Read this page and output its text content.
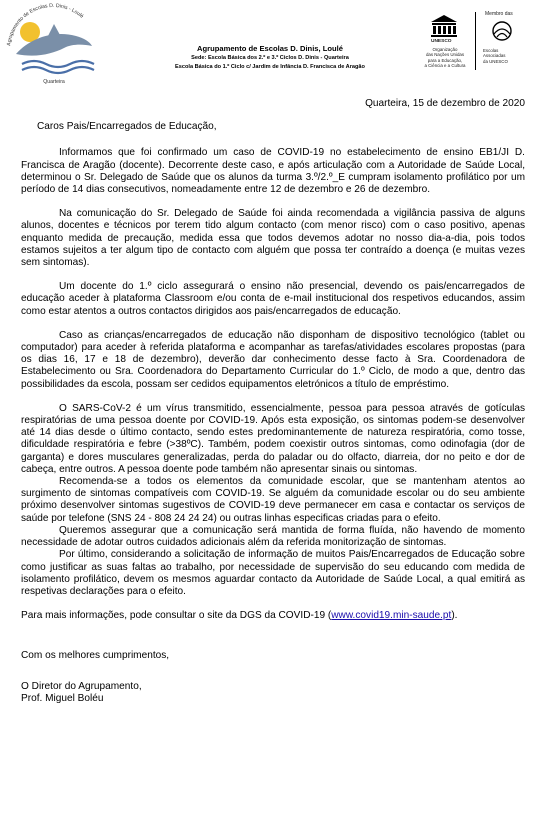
Agrupamento de Escolas D. Dinis - Loulé
Quarteira
Agrupamento de Escolas D. Dinis, Loulé
Sede: Escola Básica dos 2.º e 3.º Ciclos D. Dinis - Quarteira
Escola Básica do 1.º Ciclo c/ Jardim de Infância D. Francisca de Aragão
UNESCO
Organização
das Nações Unidas
para a Educação,
a Ciência e a Cultura
Membro das
Escolas
Associadas
da UNESCO
Quarteira, 15 de dezembro de 2020
Caros Pais/Encarregados de Educação,

Informamos que foi confirmado um caso de COVID-19 no estabelecimento de ensino EB1/JI D. Francisca de Aragão (docente). Decorrente deste caso, e após articulação com a Autoridade de Saúde Local, determinou o Sr. Delegado de Saúde que os alunos da turma 3.º/2.º_E cumpram isolamento profilático por um período de 14 dias consecutivos, nomeadamente entre 12 de dezembro e 26 de dezembro.

Na comunicação do Sr. Delegado de Saúde foi ainda recomendada a vigilância passiva de alguns alunos, docentes e técnicos por terem tido algum contacto (com menor risco) com o caso positivo, apenas enquanto medida de precaução, medida essa que todos devemos adotar no nosso dia-a-dia, pois todos estamos sujeitos a ter algum tipo de contacto com alguém que possa ter contraído a doença (e muitas vezes sem sintomas).

Um docente do 1.º ciclo assegurará o ensino não presencial, devendo os pais/encarregados de educação aceder à plataforma Classroom e/ou conta de e-mail institucional dos respetivos educandos, assim como estar atentos a outros contactos dirigidos aos pais/encarregados de educação.

Caso as crianças/encarregados de educação não disponham de dispositivo tecnológico (tablet ou computador) para aceder à referida plataforma e acompanhar as tarefas/atividades escolares propostas (para os dias 16, 17 e 18 de dezembro), deverão dar conhecimento desse facto à Sra. Coordenadora de Estabelecimento ou Sra. Coordenadora do Departamento Curricular do 1.º Ciclo, de modo a que, dentro das possibilidades da escola, possam ser cedidos equipamentos eletrónicos a título de empréstimo.

O SARS-CoV-2 é um vírus transmitido, essencialmente, pessoa para pessoa através de gotículas respiratórias de uma pessoa doente por COVID-19. Após esta exposição, os sintomas podem-se desenvolver até 14 dias desde o último contacto, sendo estes predominantemente de natureza respiratória, como tosse, dificuldade respiratória e febre (>38ºC). Também, podem coexistir outros sintomas, como odinofagia (dor de garganta) e dores musculares generalizadas, perda do paladar ou do olfacto, diarreia, dor no peito e dor de cabeça, entre outros. A pessoa doente pode também não apresentar sinais ou sintomas.

Recomenda-se a todos os elementos da comunidade escolar, que se mantenham atentos ao surgimento de sintomas compatíveis com COVID-19. Se alguém da comunidade escolar ou do seu ambiente próximo desenvolver sintomas sugestivos de COVID-19 deve permanecer em casa e contactar os serviços de saúde por telefone (SNS 24 - 808 24 24 24) ou outras linhas especificas criadas para o efeito.

Queremos assegurar que a comunicação será mantida de forma fluída, não havendo de momento necessidade de adotar outros cuidados adicionais além da referida monitorização de sintomas.

Por último, considerando a solicitação de informação de muitos Pais/Encarregados de Educação sobre como justificar as suas faltas ao trabalho, por necessidade de supervisão do seu educando com medida de isolamento profilático, devem os mesmos aguardar contacto da Autoridade de Saúde Local, a qual emitirá as respetivas declarações para o efeito.

Para mais informações, pode consultar o site da DGS da COVID-19 (www.covid19.min-saude.pt).
Com os melhores cumprimentos,
O Diretor do Agrupamento,
Prof. Miguel Boléu
